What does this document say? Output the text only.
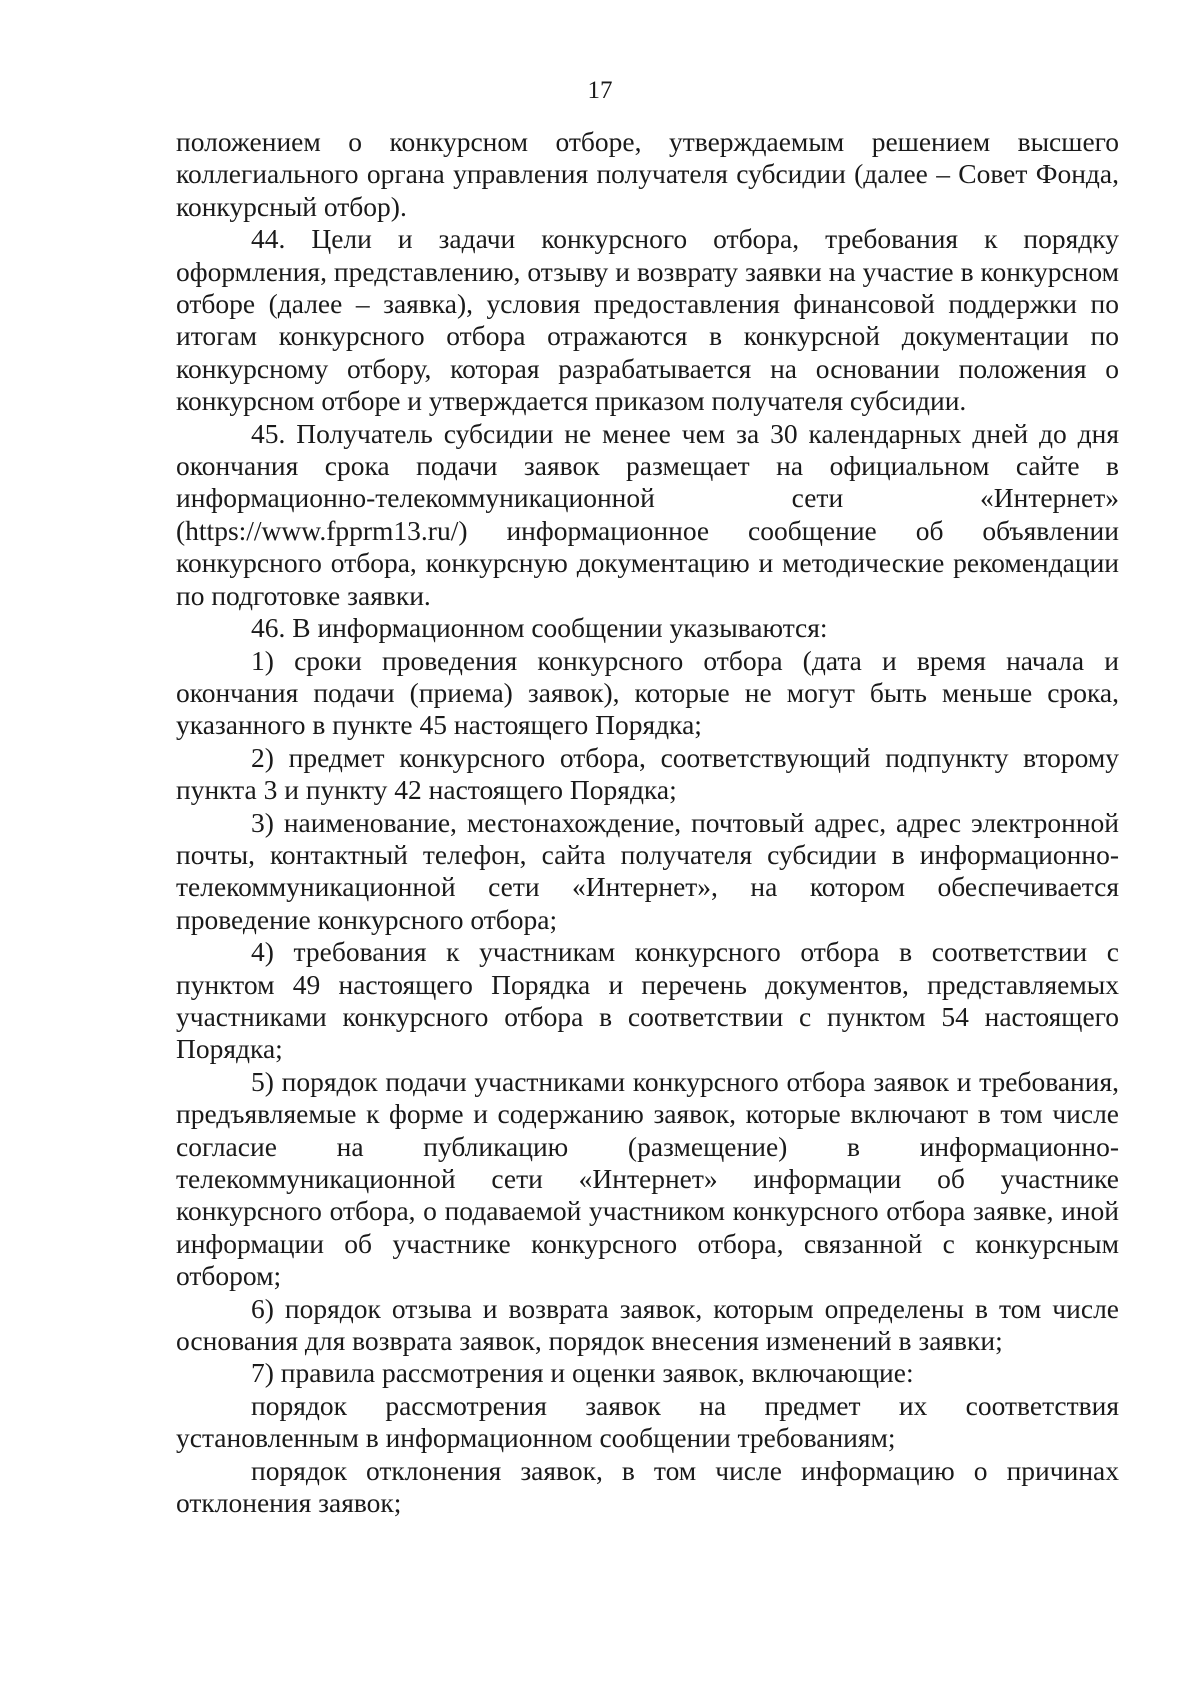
17

положением о конкурсном отборе, утверждаемым решением высшего коллегиального органа управления получателя субсидии (далее – Совет Фонда, конкурсный отбор).

44. Цели и задачи конкурсного отбора, требования к порядку оформления, представлению, отзыву и возврату заявки на участие в конкурсном отборе (далее – заявка), условия предоставления финансовой поддержки по итогам конкурсного отбора отражаются в конкурсной документации по конкурсному отбору, которая разрабатывается на основании положения о конкурсном отборе и утверждается приказом получателя субсидии.

45. Получатель субсидии не менее чем за 30 календарных дней до дня окончания срока подачи заявок размещает на официальном сайте в информационно-телекоммуникационной сети «Интернет» (https://www.fpprm13.ru/) информационное сообщение об объявлении конкурсного отбора, конкурсную документацию и методические рекомендации по подготовке заявки.

46. В информационном сообщении указываются:

1) сроки проведения конкурсного отбора (дата и время начала и окончания подачи (приема) заявок), которые не могут быть меньше срока, указанного в пункте 45 настоящего Порядка;

2) предмет конкурсного отбора, соответствующий подпункту второму пункта 3 и пункту 42 настоящего Порядка;

3) наименование, местонахождение, почтовый адрес, адрес электронной почты, контактный телефон, сайта получателя субсидии в информационно-телекоммуникационной сети «Интернет», на котором обеспечивается проведение конкурсного отбора;

4) требования к участникам конкурсного отбора в соответствии с пунктом 49 настоящего Порядка и перечень документов, представляемых участниками конкурсного отбора в соответствии с пунктом 54 настоящего Порядка;

5) порядок подачи участниками конкурсного отбора заявок и требования, предъявляемые к форме и содержанию заявок, которые включают в том числе согласие на публикацию (размещение) в информационно-телекоммуникационной сети «Интернет» информации об участнике конкурсного отбора, о подаваемой участником конкурсного отбора заявке, иной информации об участнике конкурсного отбора, связанной с конкурсным отбором;

6) порядок отзыва и возврата заявок, которым определены в том числе основания для возврата заявок, порядок внесения изменений в заявки;

7) правила рассмотрения и оценки заявок, включающие:

порядок рассмотрения заявок на предмет их соответствия установленным в информационном сообщении требованиям;

порядок отклонения заявок, в том числе информацию о причинах отклонения заявок;
